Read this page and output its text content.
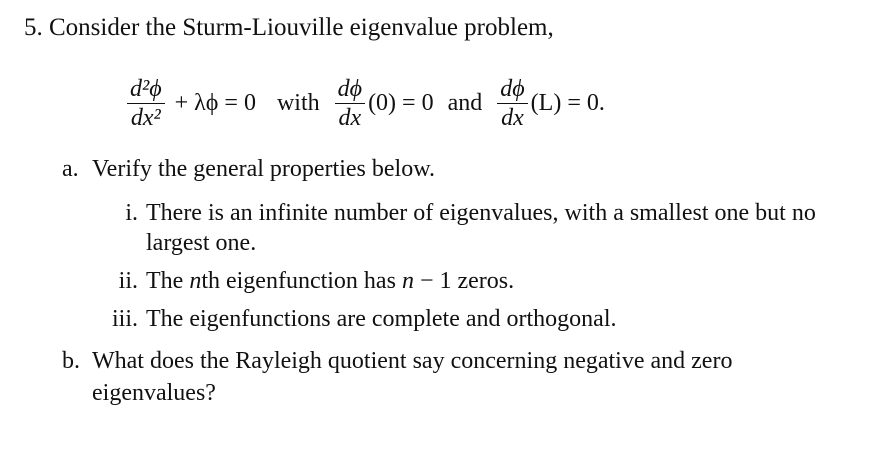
5. Consider the Sturm-Liouville eigenvalue problem,
$\frac{\text{d²ϕ}}{\text{dx²}} + \lambda\phi = 0$ with $\frac{d\phi}{dx} (0) = 0$ and $\frac{d\phi}{dx} (L) = 0$.
a. Verify the general properties below.
i. There is an infinite number of eigenvalues, with a smallest one but no
largest one.
ii. The nth eigenfunction has n − 1 zeros.
iii. The eigenfunctions are complete and orthogonal.
b. What does the Rayleigh quotient say concerning negative and zero
eigenvalues?
